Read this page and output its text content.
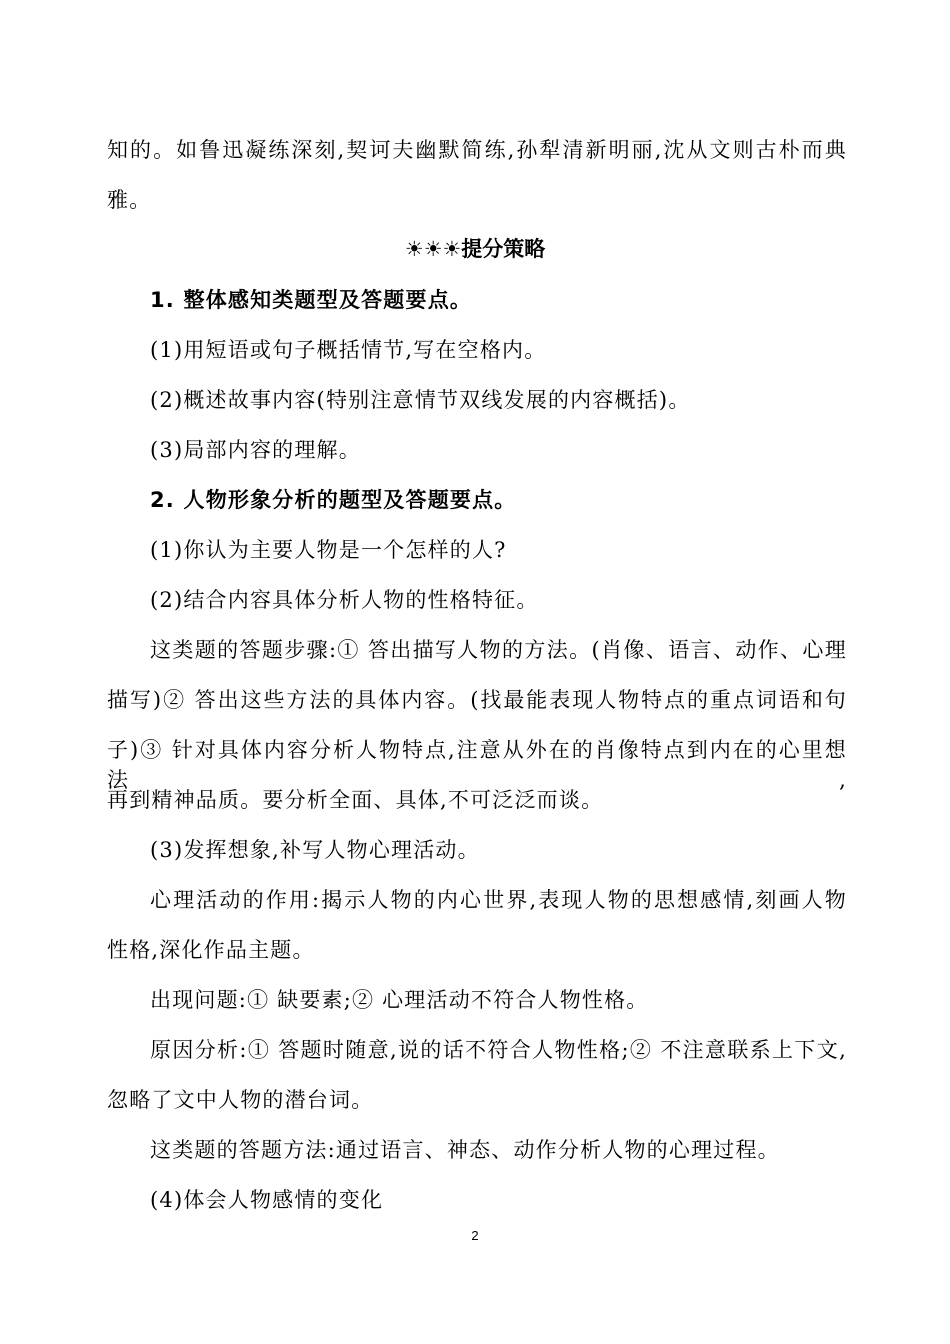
知的。如鲁迅凝练深刻,契诃夫幽默简练,孙犁清新明丽,沈从文则古朴而典
雅。
☀☀☀提分策略
1. 整体感知类题型及答题要点。
(1)用短语或句子概括情节,写在空格内。
(2)概述故事内容(特别注意情节双线发展的内容概括)。
(3)局部内容的理解。
2. 人物形象分析的题型及答题要点。
(1)你认为主要人物是一个怎样的人?
(2)结合内容具体分析人物的性格特征。
这类题的答题步骤:① 答出描写人物的方法。(肖像、语言、动作、心理
描写)② 答出这些方法的具体内容。(找最能表现人物特点的重点词语和句
子)③ 针对具体内容分析人物特点,注意从外在的肖像特点到内在的心里想法,
再到精神品质。要分析全面、具体,不可泛泛而谈。
(3)发挥想象,补写人物心理活动。
心理活动的作用:揭示人物的内心世界,表现人物的思想感情,刻画人物
性格,深化作品主题。
出现问题:① 缺要素;② 心理活动不符合人物性格。
原因分析:① 答题时随意,说的话不符合人物性格;② 不注意联系上下文,
忽略了文中人物的潜台词。
这类题的答题方法:通过语言、神态、动作分析人物的心理过程。
(4)体会人物感情的变化
2
